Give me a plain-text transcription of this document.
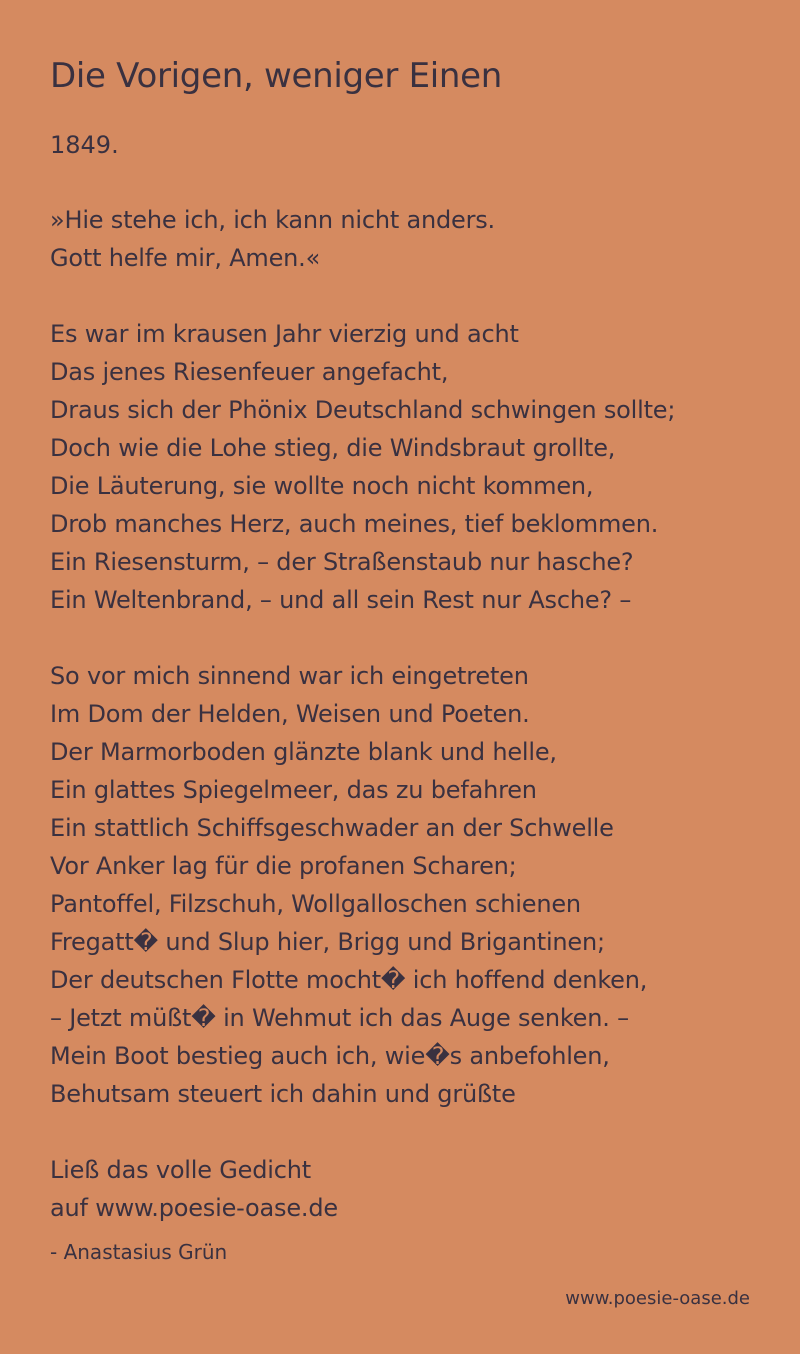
Die Vorigen, weniger Einen
1849.
»Hie stehe ich, ich kann nicht anders.
Gott helfe mir, Amen.«
Es war im krausen Jahr vierzig und acht
Das jenes Riesenfeuer angefacht,
Draus sich der Phönix Deutschland schwingen sollte;
Doch wie die Lohe stieg, die Windsbraut grollte,
Die Läuterung, sie wollte noch nicht kommen,
Drob manches Herz, auch meines, tief beklommen.
Ein Riesensturm, – der Straßenstaub nur hasche?
Ein Weltenbrand, – und all sein Rest nur Asche? –
So vor mich sinnend war ich eingetreten
Im Dom der Helden, Weisen und Poeten.
Der Marmorboden glänzte blank und helle,
Ein glattes Spiegelmeer, das zu befahren
Ein stattlich Schiffsgeschwader an der Schwelle
Vor Anker lag für die profanen Scharen;
Pantoffel, Filzschuh, Wollgalloschen schienen
Fregatt� und Slup hier, Brigg und Brigantinen;
Der deutschen Flotte mocht� ich hoffend denken,
– Jetzt müßt� in Wehmut ich das Auge senken. –
Mein Boot bestieg auch ich, wie�s anbefohlen,
Behutsam steuert ich dahin und grüßte
Ließ das volle Gedicht
auf www.poesie-oase.de
- Anastasius Grün
www.poesie-oase.de
